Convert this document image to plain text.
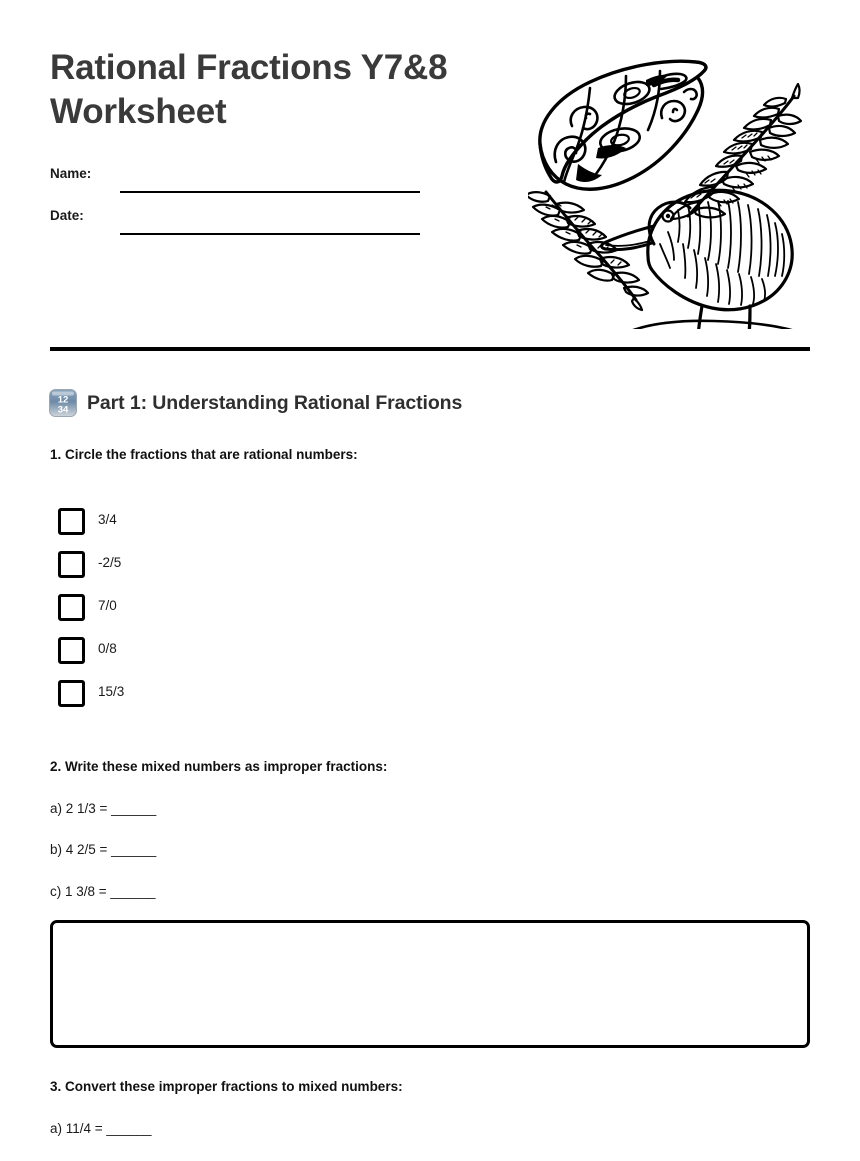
Rational Fractions Y7&8 Worksheet
Name:
Date:
12
34 Part 1: Understanding Rational Fractions
1. Circle the fractions that are rational numbers:
3/4
-2/5
7/0
0/8
15/3
2. Write these mixed numbers as improper fractions:
a) 2 1/3 = ______
b) 4 2/5 = ______
c) 1 3/8 = ______
3. Convert these improper fractions to mixed numbers:
a) 11/4 = ______
